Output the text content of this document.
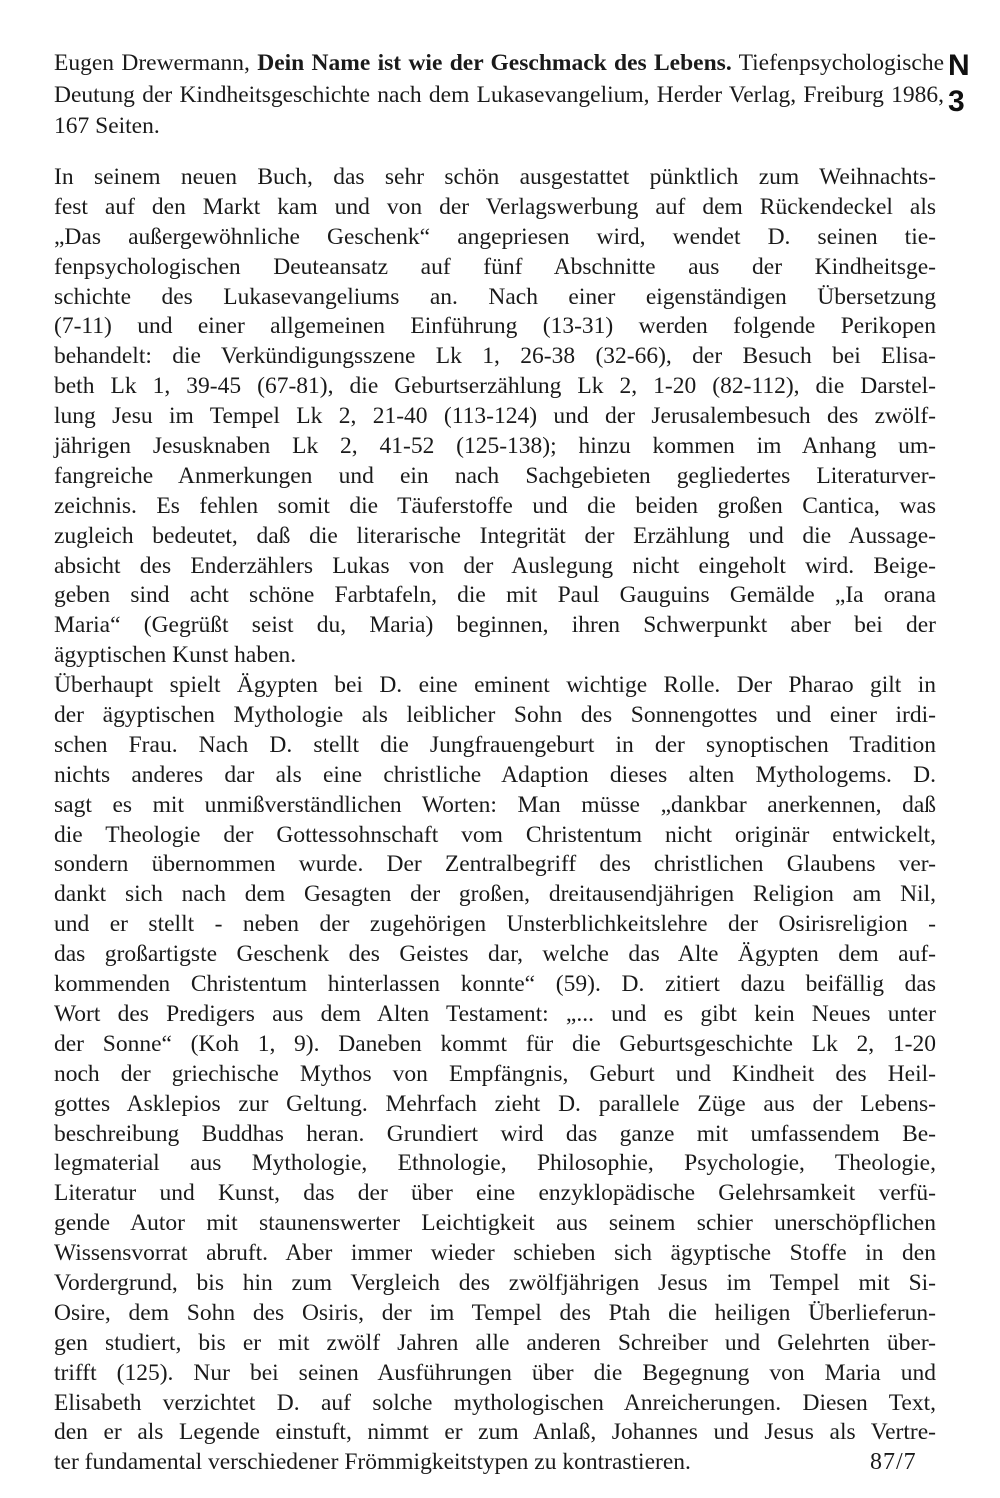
Eugen Drewermann, Dein Name ist wie der Geschmack des Lebens. Tiefenpsychologische Deutung der Kindheitsgeschichte nach dem Lukasevangelium, Herder Verlag, Freiburg 1986, 167 Seiten.
N 3
In seinem neuen Buch, das sehr schön ausgestattet pünktlich zum Weihnachts-
fest auf den Markt kam und von der Verlagswerbung auf dem Rückendeckel als
„Das außergewöhnliche Geschenk“ angepriesen wird, wendet D. seinen tie-
fenpsychologischen Deuteansatz auf fünf Abschnitte aus der Kindheitsge-
schichte des Lukasevangeliums an. Nach einer eigenständigen Übersetzung
(7-11) und einer allgemeinen Einführung (13-31) werden folgende Perikopen
behandelt: die Verkündigungsszene Lk 1, 26-38 (32-66), der Besuch bei Elisa-
beth Lk 1, 39-45 (67-81), die Geburtserzählung Lk 2, 1-20 (82-112), die Darstel-
lung Jesu im Tempel Lk 2, 21-40 (113-124) und der Jerusalembesuch des zwölf-
jährigen Jesusknaben Lk 2, 41-52 (125-138); hinzu kommen im Anhang um-
fangreiche Anmerkungen und ein nach Sachgebieten gegliedertes Literaturver-
zeichnis. Es fehlen somit die Täuferstoffe und die beiden großen Cantica, was
zugleich bedeutet, daß die literarische Integrität der Erzählung und die Aussage-
absicht des Enderzählers Lukas von der Auslegung nicht eingeholt wird. Beige-
geben sind acht schöne Farbtafeln, die mit Paul Gauguins Gemälde „Ia orana
Maria“ (Gegrüßt seist du, Maria) beginnen, ihren Schwerpunkt aber bei der
ägyptischen Kunst haben.
Überhaupt spielt Ägypten bei D. eine eminent wichtige Rolle. Der Pharao gilt in
der ägyptischen Mythologie als leiblicher Sohn des Sonnengottes und einer irdi-
schen Frau. Nach D. stellt die Jungfrauengeburt in der synoptischen Tradition
nichts anderes dar als eine christliche Adaption dieses alten Mythologems. D.
sagt es mit unmißverständlichen Worten: Man müsse „dankbar anerkennen, daß
die Theologie der Gottessohnschaft vom Christentum nicht originär entwickelt,
sondern übernommen wurde. Der Zentralbegriff des christlichen Glaubens ver-
dankt sich nach dem Gesagten der großen, dreitausendjährigen Religion am Nil,
und er stellt - neben der zugehörigen Unsterblichkeitslehre der Osirisreligion -
das großartigste Geschenk des Geistes dar, welche das Alte Ägypten dem auf-
kommenden Christentum hinterlassen konnte“ (59). D. zitiert dazu beifällig das
Wort des Predigers aus dem Alten Testament: „... und es gibt kein Neues unter
der Sonne“ (Koh 1, 9). Daneben kommt für die Geburtsgeschichte Lk 2, 1-20
noch der griechische Mythos von Empfängnis, Geburt und Kindheit des Heil-
gottes Asklepios zur Geltung. Mehrfach zieht D. parallele Züge aus der Lebens-
beschreibung Buddhas heran. Grundiert wird das ganze mit umfassendem Be-
legmaterial aus Mythologie, Ethnologie, Philosophie, Psychologie, Theologie,
Literatur und Kunst, das der über eine enzyklopädische Gelehrsamkeit verfü-
gende Autor mit staunenswerter Leichtigkeit aus seinem schier unerschöpflichen
Wissensvorrat abruft. Aber immer wieder schieben sich ägyptische Stoffe in den
Vordergrund, bis hin zum Vergleich des zwölfjährigen Jesus im Tempel mit Si-
Osire, dem Sohn des Osiris, der im Tempel des Ptah die heiligen Überlieferun-
gen studiert, bis er mit zwölf Jahren alle anderen Schreiber und Gelehrten über-
trifft (125). Nur bei seinen Ausführungen über die Begegnung von Maria und
Elisabeth verzichtet D. auf solche mythologischen Anreicherungen. Diesen Text,
den er als Legende einstuft, nimmt er zum Anlaß, Johannes und Jesus als Vertre-
ter fundamental verschiedener Frömmigkeitstypen zu kontrastieren.	87/7
